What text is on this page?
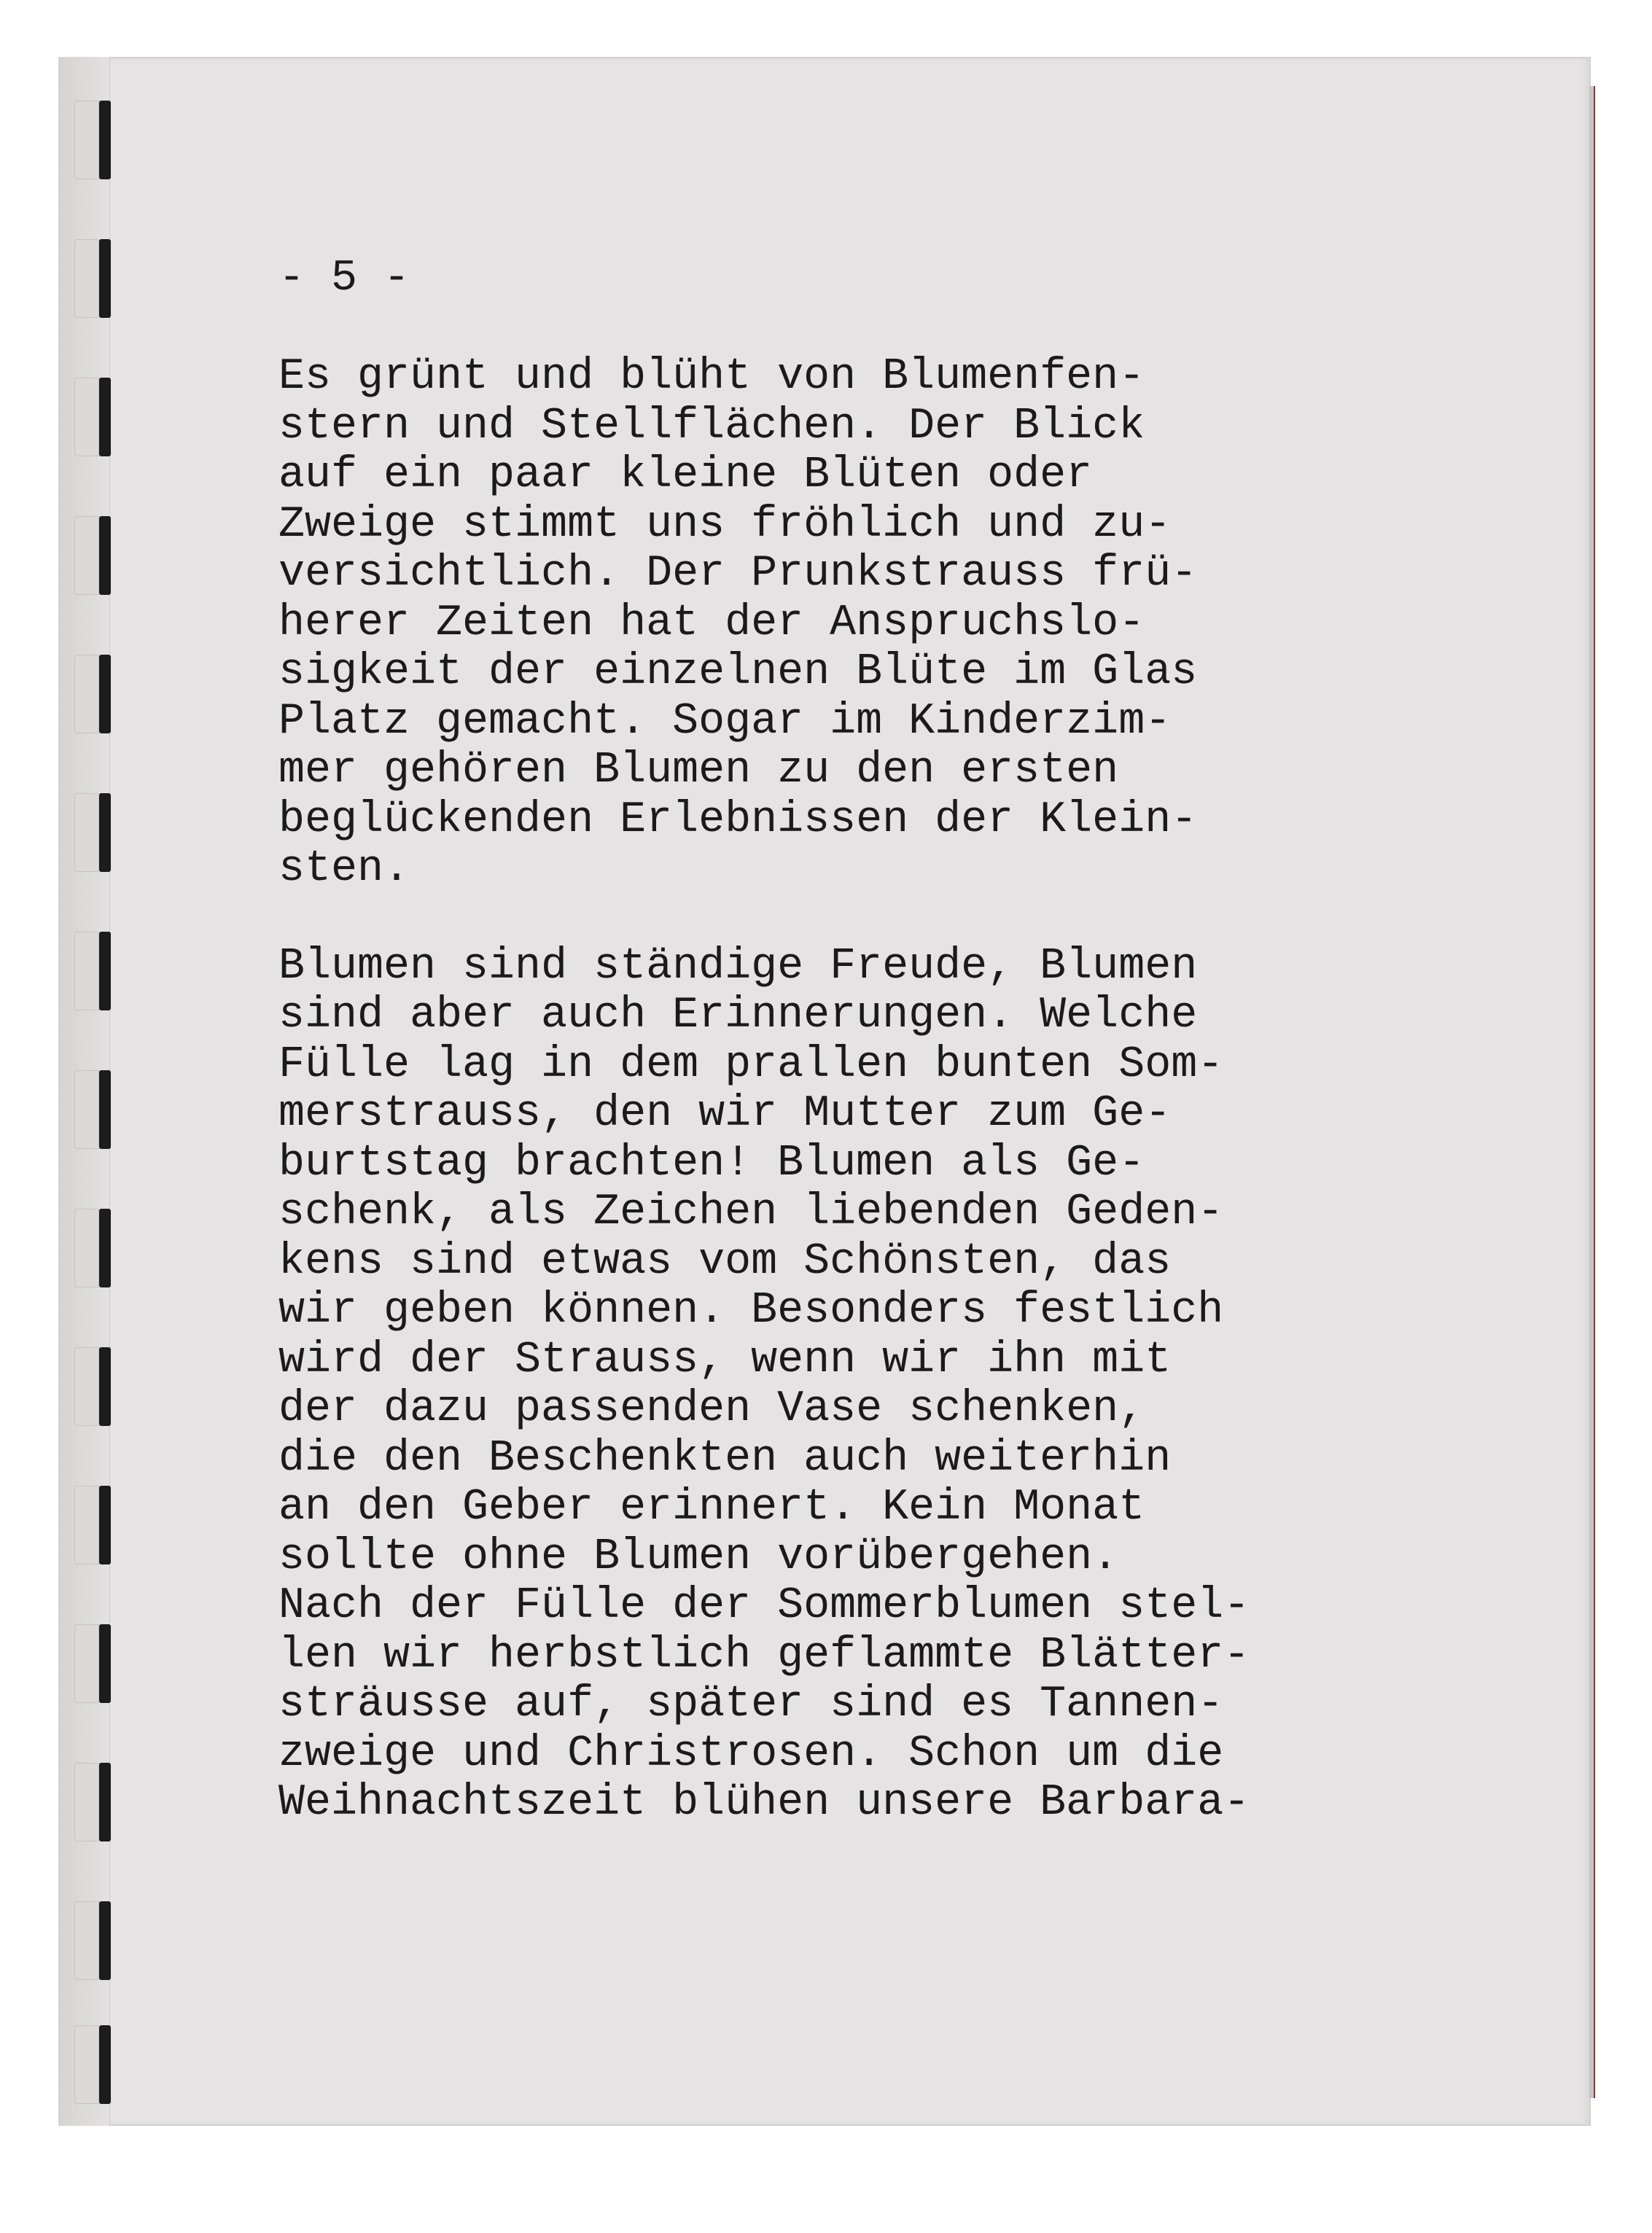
- 5 -

Es grünt und blüht von Blumenfen-
stern und Stellflächen. Der Blick
auf ein paar kleine Blüten oder
Zweige stimmt uns fröhlich und zu-
versichtlich. Der Prunkstrauss frü-
herer Zeiten hat der Anspruchslo-
sigkeit der einzelnen Blüte im Glas
Platz gemacht. Sogar im Kinderzim-
mer gehören Blumen zu den ersten
beglückenden Erlebnissen der Klein-
sten.

Blumen sind ständige Freude, Blumen
sind aber auch Erinnerungen. Welche
Fülle lag in dem prallen bunten Som-
merstrauss, den wir Mutter zum Ge-
burtstag brachten! Blumen als Ge-
schenk, als Zeichen liebenden Geden-
kens sind etwas vom Schönsten, das
wir geben können. Besonders festlich
wird der Strauss, wenn wir ihn mit
der dazu passenden Vase schenken,
die den Beschenkten auch weiterhin
an den Geber erinnert. Kein Monat
sollte ohne Blumen vorübergehen.
Nach der Fülle der Sommerblumen stel-
len wir herbstlich geflammte Blätter-
sträusse auf, später sind es Tannen-
zweige und Christrosen. Schon um die
Weihnachtszeit blühen unsere Barbara-
